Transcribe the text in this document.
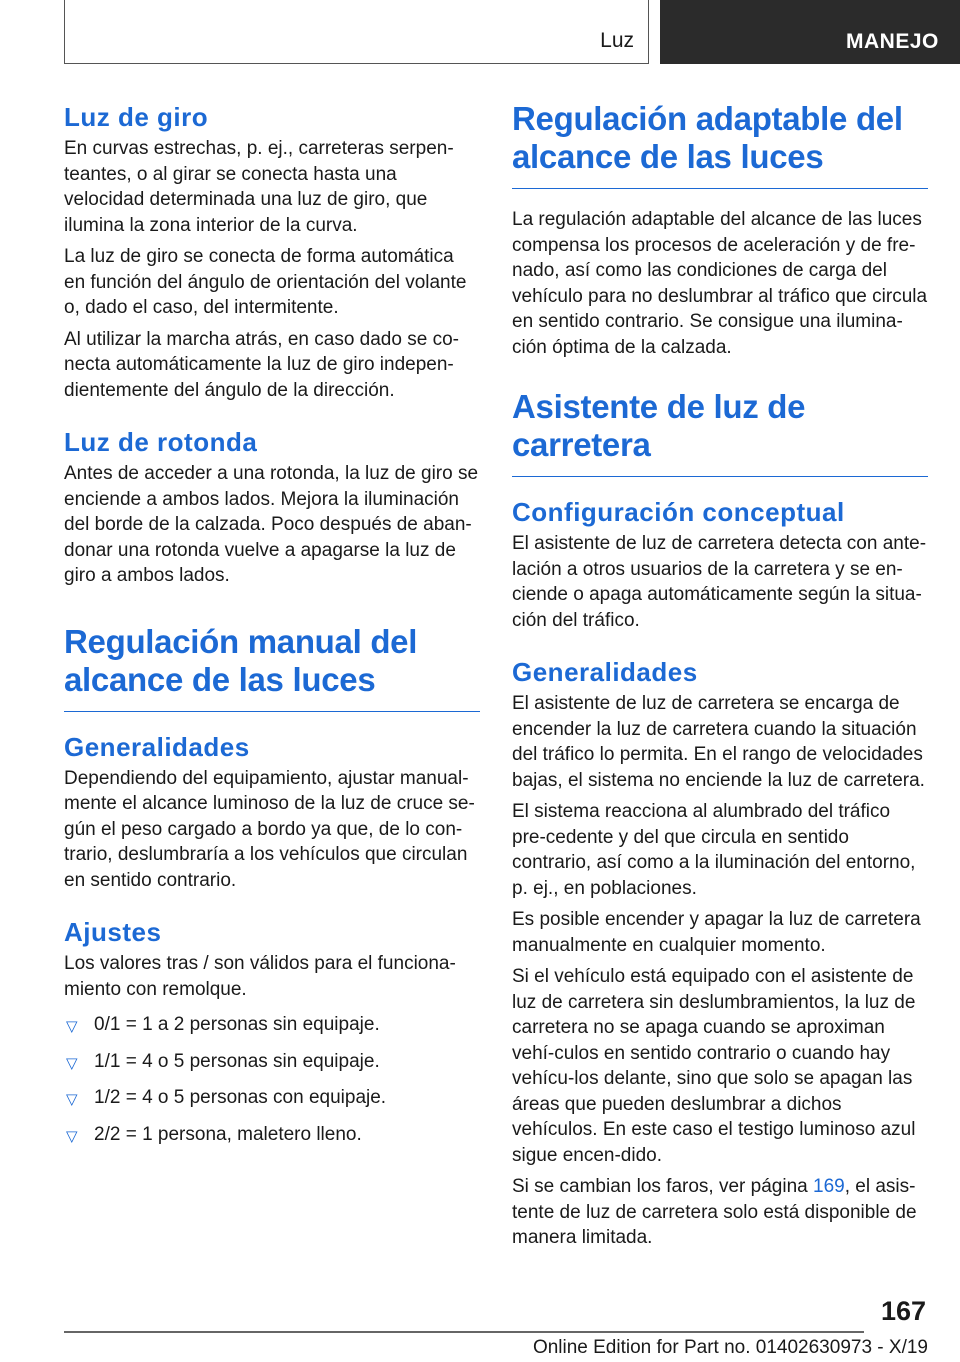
Luz	MANEJO
Luz de giro

En curvas estrechas, p. ej., carreteras serpen-teantes, o al girar se conecta hasta una velocidad determinada una luz de giro, que ilumina la zona interior de la curva.

La luz de giro se conecta de forma automática en función del ángulo de orientación del volante o, dado el caso, del intermitente.

Al utilizar la marcha atrás, en caso dado se co-necta automáticamente la luz de giro indepen-dientemente del ángulo de la dirección.

Luz de rotonda

Antes de acceder a una rotonda, la luz de giro se enciende a ambos lados. Mejora la iluminación del borde de la calzada. Poco después de aban-donar una rotonda vuelve a apagarse la luz de giro a ambos lados.

Regulación manual del alcance de las luces
Generalidades

Dependiendo del equipamiento, ajustar manual-mente el alcance luminoso de la luz de cruce se-gún el peso cargado a bordo ya que, de lo con-trario, deslumbraría a los vehículos que circulan en sentido contrario.

Ajustes

Los valores tras / son válidos para el funciona-miento con remolque.

▽ 0/1 = 1 a 2 personas sin equipaje.
▽ 1/1 = 4 o 5 personas sin equipaje.
▽ 1/2 = 4 o 5 personas con equipaje.
▽ 2/2 = 1 persona, maletero lleno.
Regulación adaptable del alcance de las luces

La regulación adaptable del alcance de las luces compensa los procesos de aceleración y de fre-nado, así como las condiciones de carga del vehículo para no deslumbrar al tráfico que circula en sentido contrario. Se consigue una ilumina-ción óptima de la calzada.

Asistente de luz de carretera
Configuración conceptual

El asistente de luz de carretera detecta con ante-lación a otros usuarios de la carretera y se en-ciende o apaga automáticamente según la situa-ción del tráfico.

Generalidades

El asistente de luz de carretera se encarga de encender la luz de carretera cuando la situación del tráfico lo permita. En el rango de velocidades bajas, el sistema no enciende la luz de carretera.

El sistema reacciona al alumbrado del tráfico pre-cedente y del que circula en sentido contrario, así como a la iluminación del entorno, p. ej., en poblaciones.

Es posible encender y apagar la luz de carretera manualmente en cualquier momento.

Si el vehículo está equipado con el asistente de luz de carretera sin deslumbramientos, la luz de carretera no se apaga cuando se aproximan vehí-culos en sentido contrario o cuando hay vehícu-los delante, sino que solo se apagan las áreas que pueden deslumbrar a dichos vehículos. En este caso el testigo luminoso azul sigue encen-dido.

Si se cambian los faros, ver página 169, el asis-tente de luz de carretera solo está disponible de manera limitada.

167
Online Edition for Part no. 01402630973 - X/19
